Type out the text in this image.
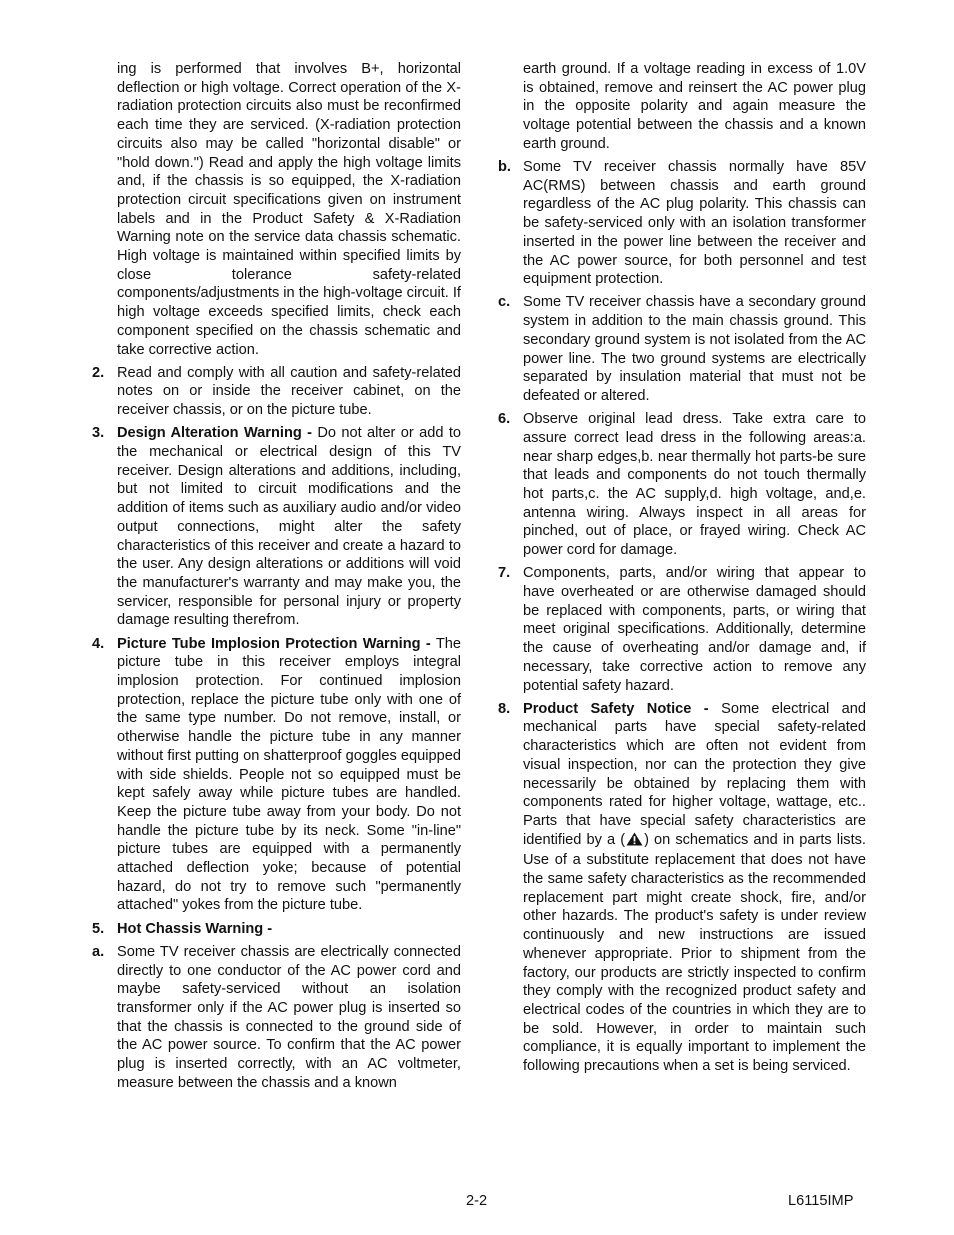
ing is performed that involves B+, horizontal deflection or high voltage. Correct operation of the X-radiation protection circuits also must be reconfirmed each time they are serviced. (X-radiation protection circuits also may be called "horizontal disable" or "hold down.") Read and apply the high voltage limits and, if the chassis is so equipped, the X-radiation protection circuit specifications given on instrument labels and in the Product Safety & X-Radiation Warning note on the service data chassis schematic. High voltage is maintained within specified limits by close tolerance safety-related components/adjustments in the high-voltage circuit. If high voltage exceeds specified limits, check each component specified on the chassis schematic and take corrective action.
2. Read and comply with all caution and safety-related notes on or inside the receiver cabinet, on the receiver chassis, or on the picture tube.
3. Design Alteration Warning - Do not alter or add to the mechanical or electrical design of this TV receiver. Design alterations and additions, including, but not limited to circuit modifications and the addition of items such as auxiliary audio and/or video output connections, might alter the safety characteristics of this receiver and create a hazard to the user. Any design alterations or additions will void the manufacturer's warranty and may make you, the servicer, responsible for personal injury or property damage resulting therefrom.
4. Picture Tube Implosion Protection Warning - The picture tube in this receiver employs integral implosion protection. For continued implosion protection, replace the picture tube only with one of the same type number. Do not remove, install, or otherwise handle the picture tube in any manner without first putting on shatterproof goggles equipped with side shields. People not so equipped must be kept safely away while picture tubes are handled. Keep the picture tube away from your body. Do not handle the picture tube by its neck. Some "in-line" picture tubes are equipped with a permanently attached deflection yoke; because of potential hazard, do not try to remove such "permanently attached" yokes from the picture tube.
5. Hot Chassis Warning -
a. Some TV receiver chassis are electrically connected directly to one conductor of the AC power cord and maybe safety-serviced without an isolation transformer only if the AC power plug is inserted so that the chassis is connected to the ground side of the AC power source. To confirm that the AC power plug is inserted correctly, with an AC voltmeter, measure between the chassis and a known
earth ground. If a voltage reading in excess of 1.0V is obtained, remove and reinsert the AC power plug in the opposite polarity and again measure the voltage potential between the chassis and a known earth ground.
b. Some TV receiver chassis normally have 85V AC(RMS) between chassis and earth ground regardless of the AC plug polarity. This chassis can be safety-serviced only with an isolation transformer inserted in the power line between the receiver and the AC power source, for both personnel and test equipment protection.
c. Some TV receiver chassis have a secondary ground system in addition to the main chassis ground. This secondary ground system is not isolated from the AC power line. The two ground systems are electrically separated by insulation material that must not be defeated or altered.
6. Observe original lead dress. Take extra care to assure correct lead dress in the following areas:a. near sharp edges,b. near thermally hot parts-be sure that leads and components do not touch thermally hot parts,c. the AC supply,d. high voltage, and,e. antenna wiring. Always inspect in all areas for pinched, out of place, or frayed wiring. Check AC power cord for damage.
7. Components, parts, and/or wiring that appear to have overheated or are otherwise damaged should be replaced with components, parts, or wiring that meet original specifications. Additionally, determine the cause of overheating and/or damage and, if necessary, take corrective action to remove any potential safety hazard.
8. Product Safety Notice - Some electrical and mechanical parts have special safety-related characteristics which are often not evident from visual inspection, nor can the protection they give necessarily be obtained by replacing them with components rated for higher voltage, wattage, etc.. Parts that have special safety characteristics are identified by a ( ) on schematics and in parts lists. Use of a substitute replacement that does not have the same safety characteristics as the recommended replacement part might create shock, fire, and/or other hazards. The product's safety is under review continuously and new instructions are issued whenever appropriate. Prior to shipment from the factory, our products are strictly inspected to confirm they comply with the recognized product safety and electrical codes of the countries in which they are to be sold. However, in order to maintain such compliance, it is equally important to implement the following precautions when a set is being serviced.
2-2	L6115IMP
